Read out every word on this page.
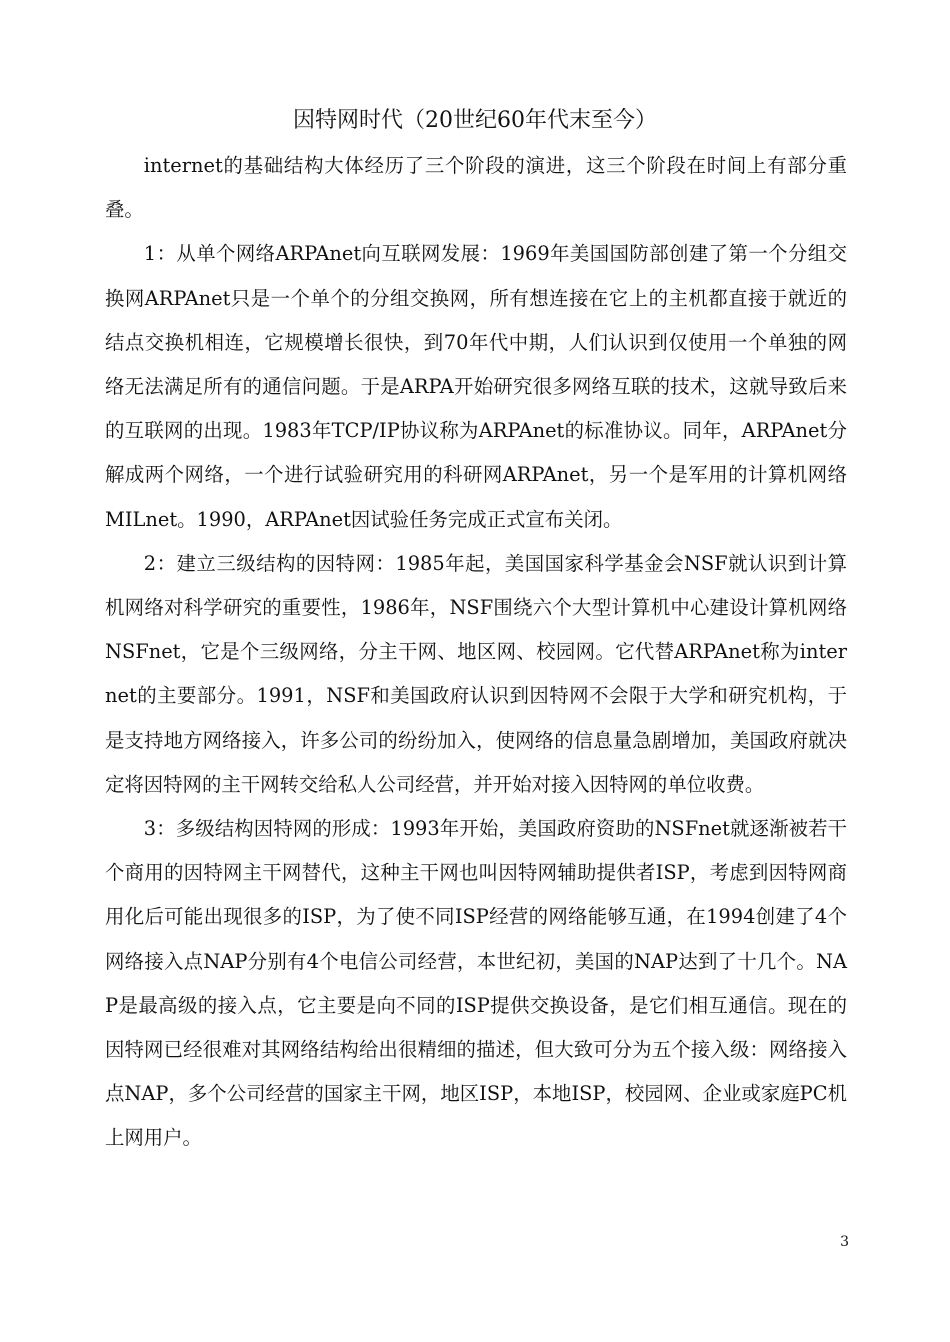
因特网时代（20世纪60年代末至今）

internet的基础结构大体经历了三个阶段的演进，这三个阶段在时间上有部分重叠。

1：从单个网络ARPAnet向互联网发展：1969年美国国防部创建了第一个分组交换网ARPAnet只是一个单个的分组交换网，所有想连接在它上的主机都直接于就近的结点交换机相连，它规模增长很快，到70年代中期，人们认识到仅使用一个单独的网络无法满足所有的通信问题。于是ARPA开始研究很多网络互联的技术，这就导致后来的互联网的出现。1983年TCP/IP协议称为ARPAnet的标准协议。同年，ARPAnet分解成两个网络，一个进行试验研究用的科研网ARPAnet，另一个是军用的计算机网络MILnet。1990，ARPAnet因试验任务完成正式宣布关闭。

2：建立三级结构的因特网：1985年起，美国国家科学基金会NSF就认识到计算机网络对科学研究的重要性，1986年，NSF围绕六个大型计算机中心建设计算机网络NSFnet，它是个三级网络，分主干网、地区网、校园网。它代替ARPAnet称为internet的主要部分。1991，NSF和美国政府认识到因特网不会限于大学和研究机构，于是支持地方网络接入，许多公司的纷纷加入，使网络的信息量急剧增加，美国政府就决定将因特网的主干网转交给私人公司经营，并开始对接入因特网的单位收费。

3：多级结构因特网的形成：1993年开始，美国政府资助的NSFnet就逐渐被若干个商用的因特网主干网替代，这种主干网也叫因特网辅助提供者ISP，考虑到因特网商用化后可能出现很多的ISP，为了使不同ISP经营的网络能够互通，在1994创建了4个网络接入点NAP分别有4个电信公司经营，本世纪初，美国的NAP达到了十几个。NAP是最高级的接入点，它主要是向不同的ISP提供交换设备，是它们相互通信。现在的因特网已经很难对其网络结构给出很精细的描述，但大致可分为五个接入级：网络接入点NAP，多个公司经营的国家主干网，地区ISP，本地ISP，校园网、企业或家庭PC机上网用户。

3
